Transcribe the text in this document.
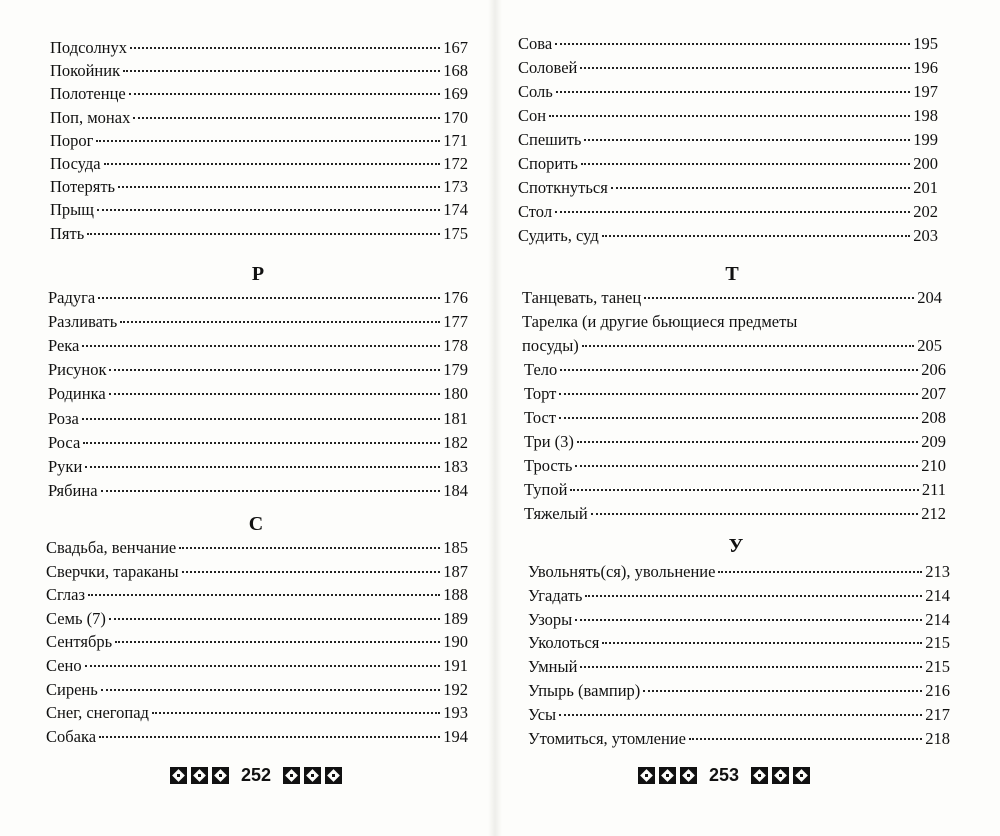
Подсолнух	167
Покойник	168
Полотенце	169
Поп, монах	170
Порог	171
Посуда	172
Потерять	173
Прыщ	174
Пять	175
Р
Радуга	176
Разливать	177
Река	178
Рисунок	179
Родинка	180
Роза	181
Роса	182
Руки	183
Рябина	184
С
Свадьба, венчание	185
Сверчки, тараканы	187
Сглаз	188
Семь (7)	189
Сентябрь	190
Сено	191
Сирень	192
Снег, снегопад	193
Собака	194
252
Сова	195
Соловей	196
Соль	197
Сон	198
Спешить	199
Спорить	200
Споткнуться	201
Стол	202
Судить, суд	203
Т
Танцевать, танец	204
Тарелка (и другие бьющиеся предметы
посуды)	205
Тело	206
Торт	207
Тост	208
Три (3)	209
Трость	210
Тупой	211
Тяжелый	212
У
Увольнять(ся), увольнение	213
Угадать	214
Узоры	214
Уколоться	215
Умный	215
Упырь (вампир)	216
Усы	217
Утомиться, утомление	218
253
